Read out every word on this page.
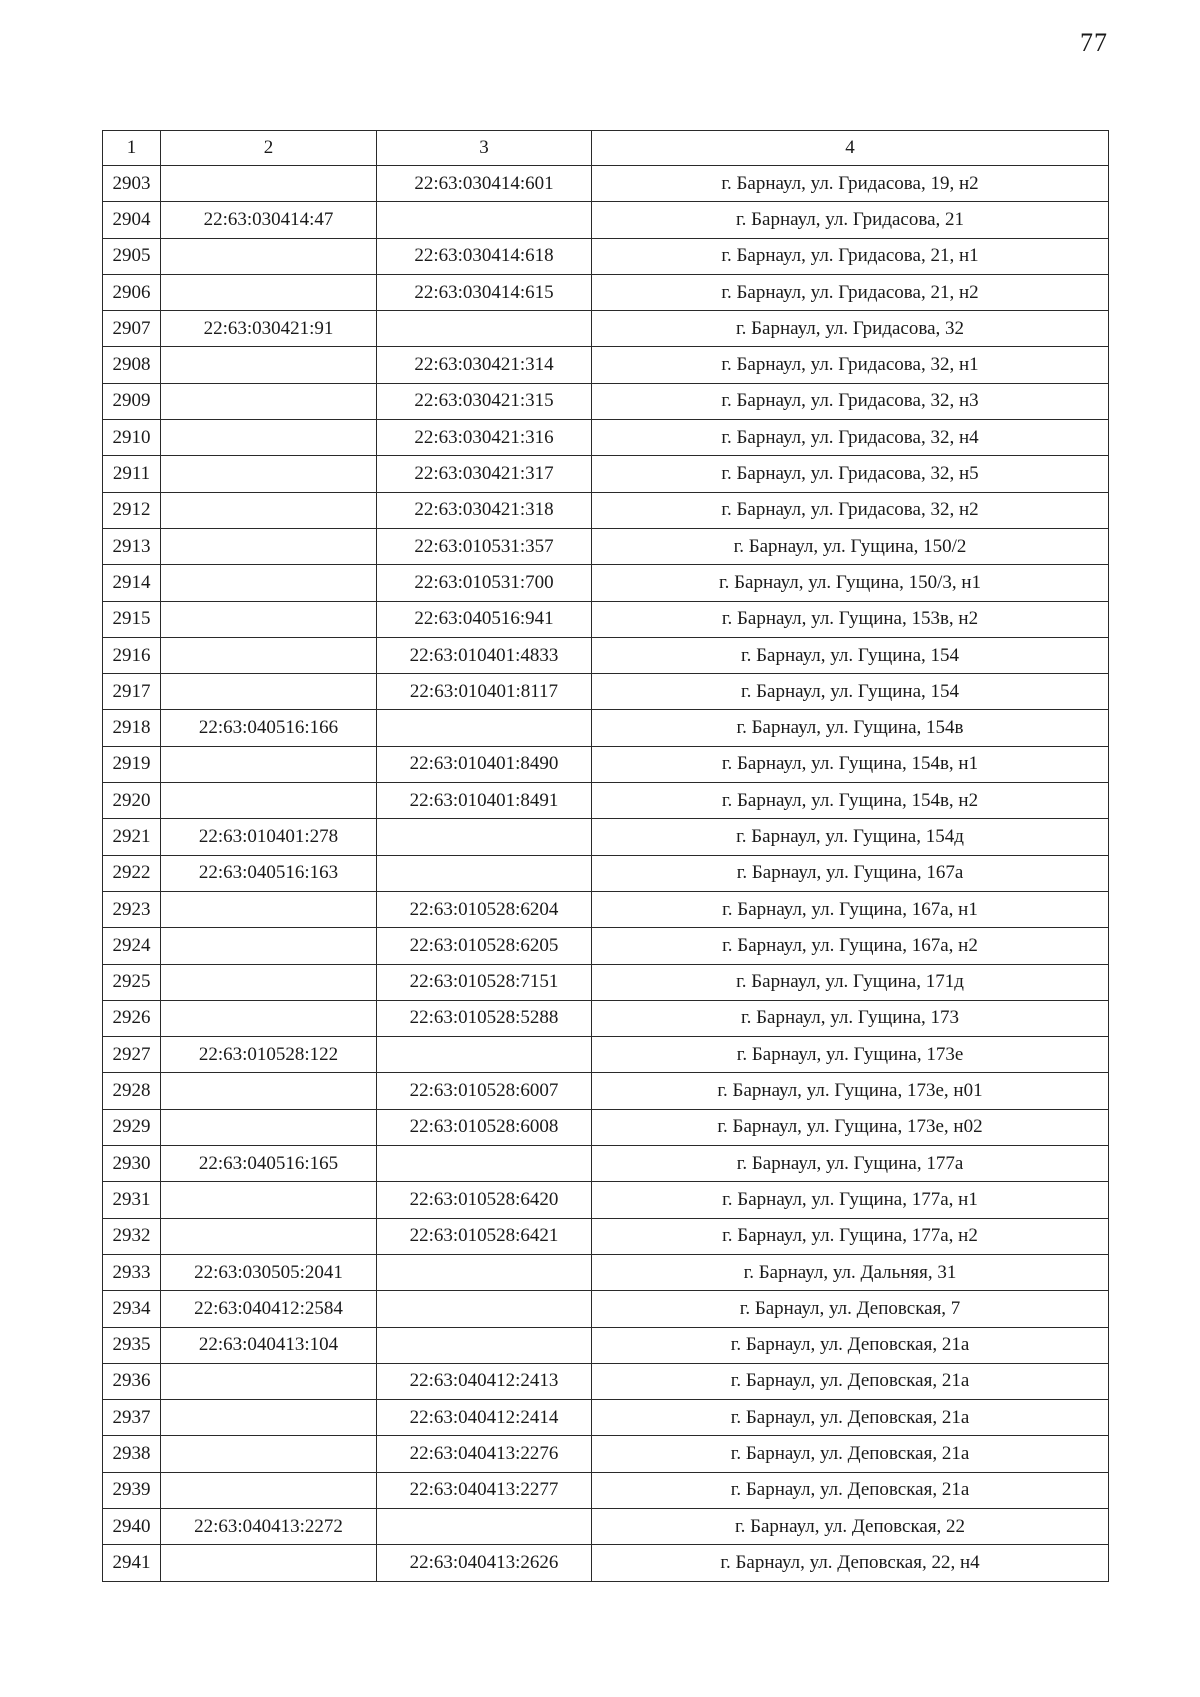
77
1	2	3	4
2903		22:63:030414:601	г. Барнаул, ул. Гридасова, 19, н2
2904	22:63:030414:47		г. Барнаул, ул. Гридасова, 21
2905		22:63:030414:618	г. Барнаул, ул. Гридасова, 21, н1
2906		22:63:030414:615	г. Барнаул, ул. Гридасова, 21, н2
2907	22:63:030421:91		г. Барнаул, ул. Гридасова, 32
2908		22:63:030421:314	г. Барнаул, ул. Гридасова, 32, н1
2909		22:63:030421:315	г. Барнаул, ул. Гридасова, 32, н3
2910		22:63:030421:316	г. Барнаул, ул. Гридасова, 32, н4
2911		22:63:030421:317	г. Барнаул, ул. Гридасова, 32, н5
2912		22:63:030421:318	г. Барнаул, ул. Гридасова, 32, н2
2913		22:63:010531:357	г. Барнаул, ул. Гущина, 150/2
2914		22:63:010531:700	г. Барнаул, ул. Гущина, 150/3, н1
2915		22:63:040516:941	г. Барнаул, ул. Гущина, 153в, н2
2916		22:63:010401:4833	г. Барнаул, ул. Гущина, 154
2917		22:63:010401:8117	г. Барнаул, ул. Гущина, 154
2918	22:63:040516:166		г. Барнаул, ул. Гущина, 154в
2919		22:63:010401:8490	г. Барнаул, ул. Гущина, 154в, н1
2920		22:63:010401:8491	г. Барнаул, ул. Гущина, 154в, н2
2921	22:63:010401:278		г. Барнаул, ул. Гущина, 154д
2922	22:63:040516:163		г. Барнаул, ул. Гущина, 167а
2923		22:63:010528:6204	г. Барнаул, ул. Гущина, 167а, н1
2924		22:63:010528:6205	г. Барнаул, ул. Гущина, 167а, н2
2925		22:63:010528:7151	г. Барнаул, ул. Гущина, 171д
2926		22:63:010528:5288	г. Барнаул, ул. Гущина, 173
2927	22:63:010528:122		г. Барнаул, ул. Гущина, 173е
2928		22:63:010528:6007	г. Барнаул, ул. Гущина, 173е, н01
2929		22:63:010528:6008	г. Барнаул, ул. Гущина, 173е, н02
2930	22:63:040516:165		г. Барнаул, ул. Гущина, 177а
2931		22:63:010528:6420	г. Барнаул, ул. Гущина, 177а, н1
2932		22:63:010528:6421	г. Барнаул, ул. Гущина, 177а, н2
2933	22:63:030505:2041		г. Барнаул, ул. Дальняя, 31
2934	22:63:040412:2584		г. Барнаул, ул. Деповская, 7
2935	22:63:040413:104		г. Барнаул, ул. Деповская, 21а
2936		22:63:040412:2413	г. Барнаул, ул. Деповская, 21а
2937		22:63:040412:2414	г. Барнаул, ул. Деповская, 21а
2938		22:63:040413:2276	г. Барнаул, ул. Деповская, 21а
2939		22:63:040413:2277	г. Барнаул, ул. Деповская, 21а
2940	22:63:040413:2272		г. Барнаул, ул. Деповская, 22
2941		22:63:040413:2626	г. Барнаул, ул. Деповская, 22, н4
